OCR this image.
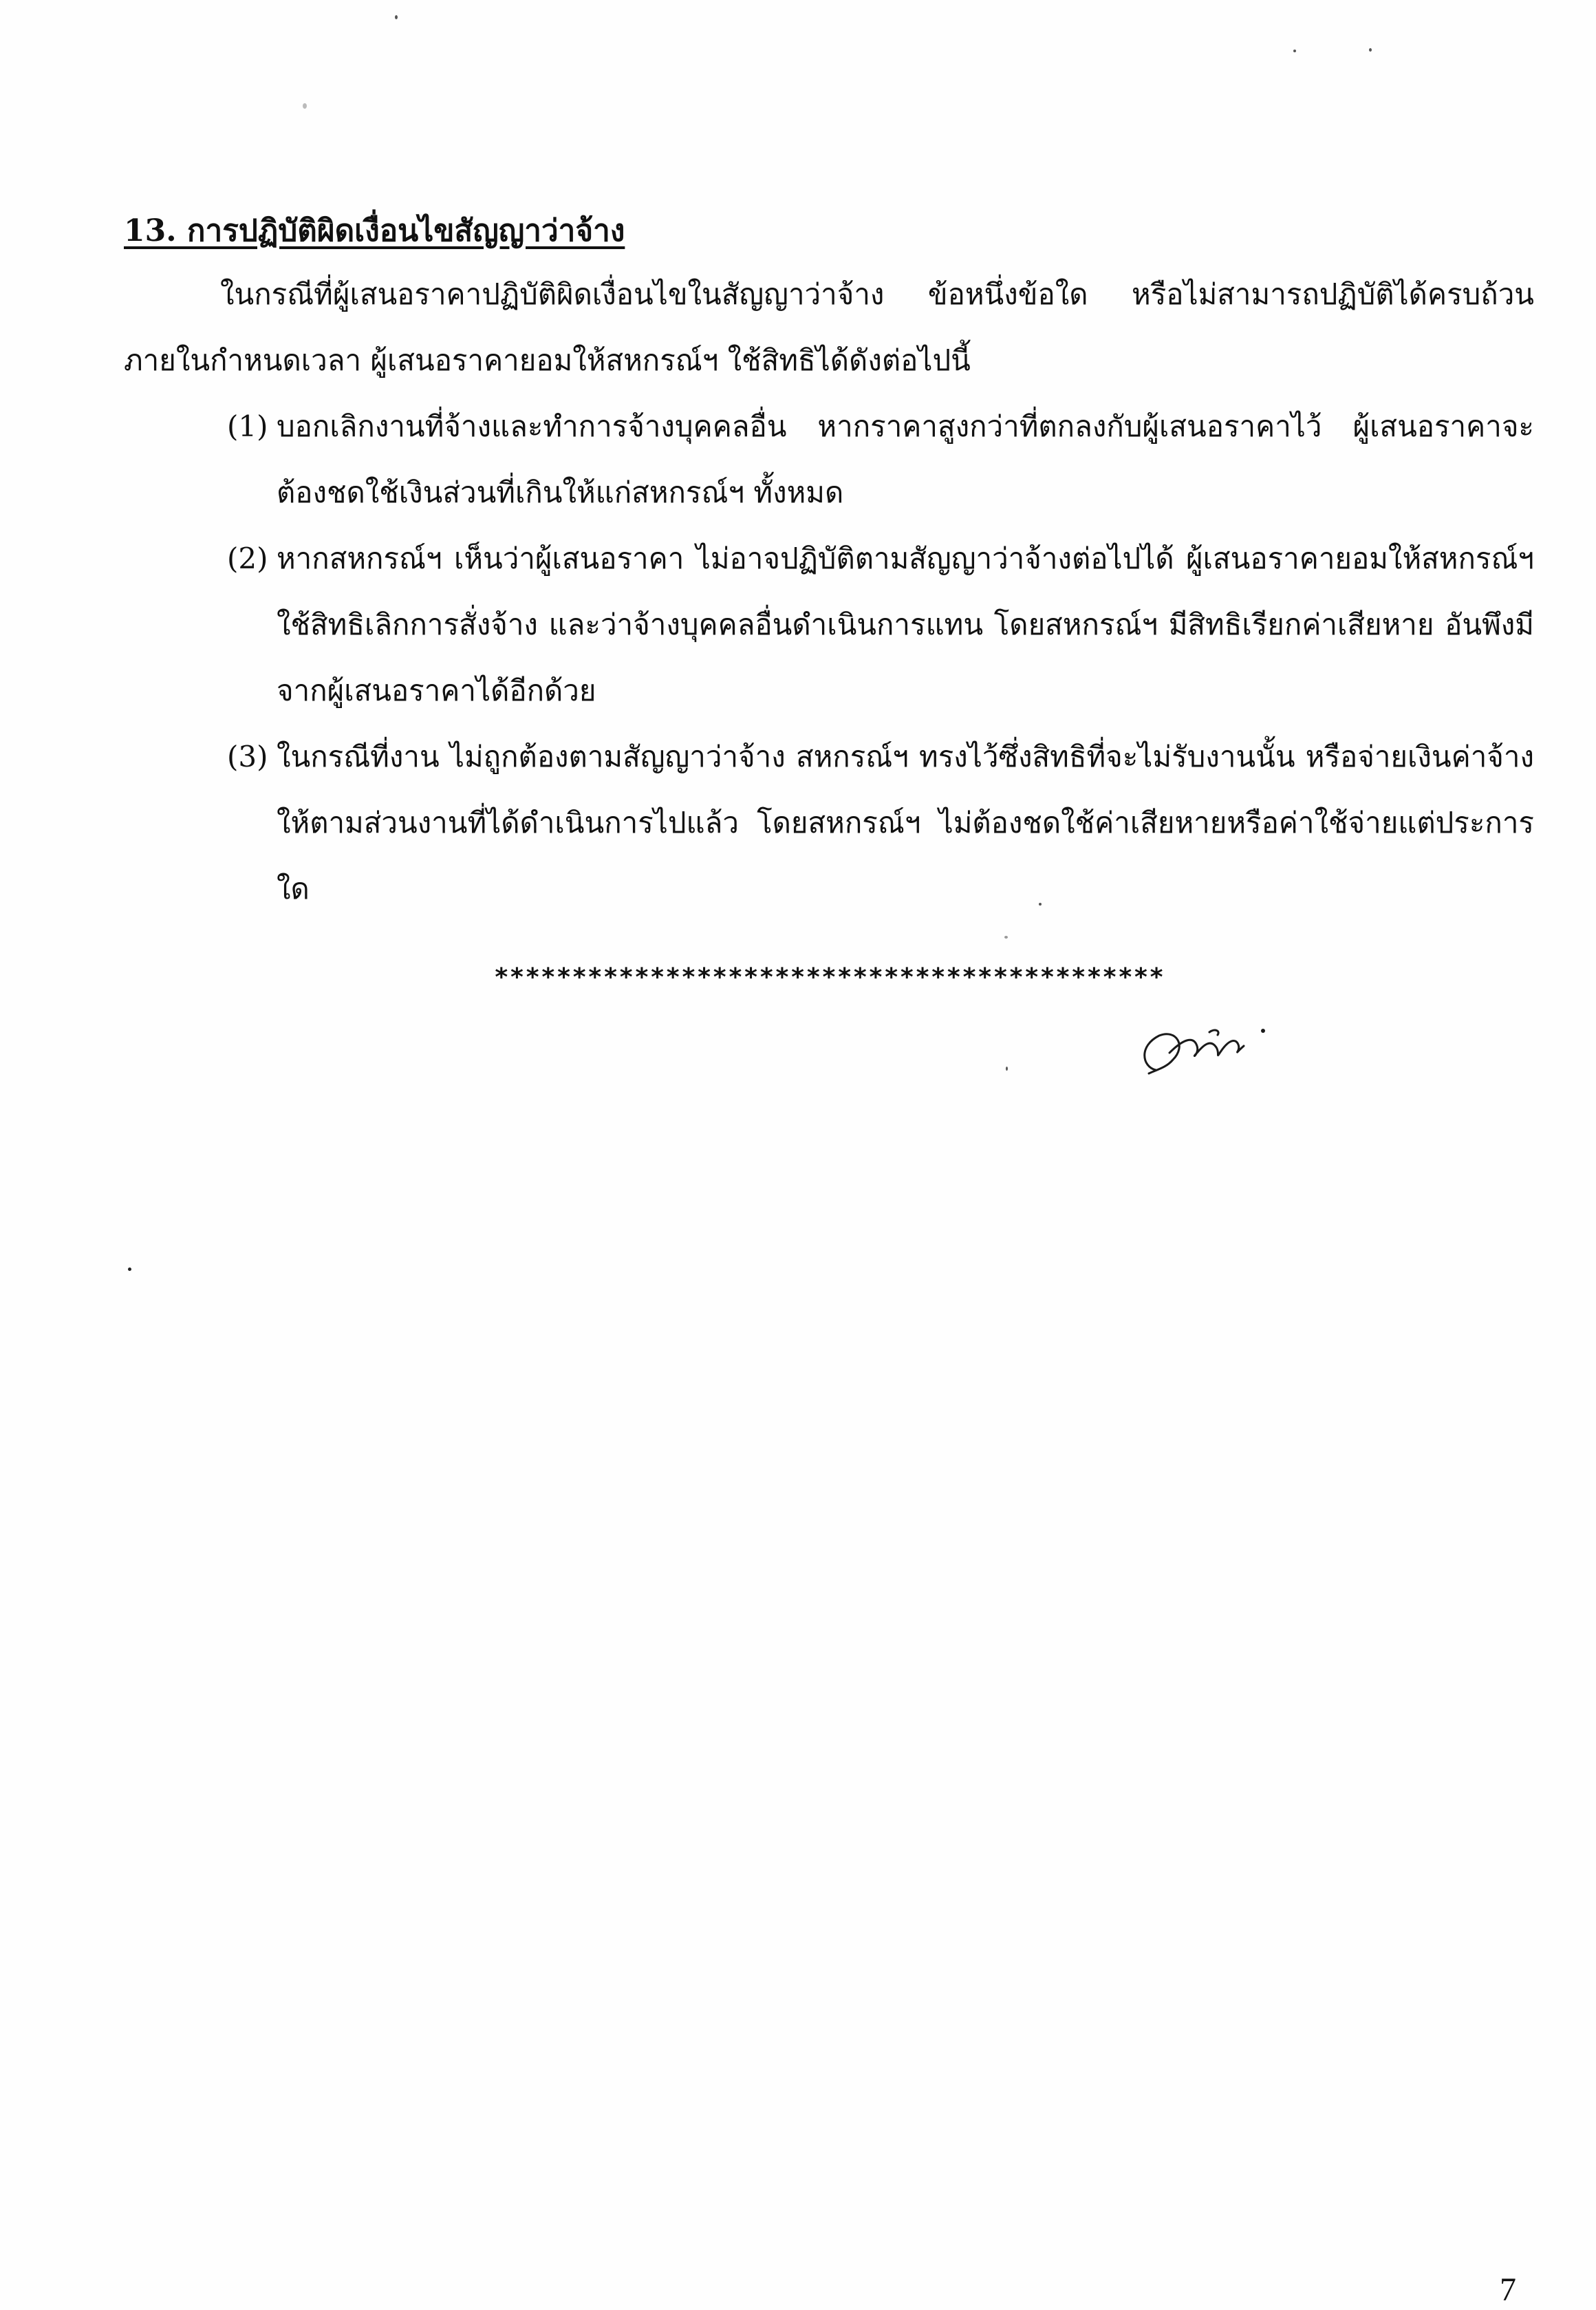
13. การปฏิบัติผิดเงื่อนไขสัญญาว่าจ้าง
ในกรณีที่ผู้เสนอราคาปฏิบัติผิดเงื่อนไขในสัญญาว่าจ้าง ข้อหนึ่งข้อใด หรือไม่สามารถปฏิบัติได้ครบถ้วนภายในกำหนดเวลา ผู้เสนอราคายอมให้สหกรณ์ฯ ใช้สิทธิได้ดังต่อไปนี้
(1) บอกเลิกงานที่จ้างและทำการจ้างบุคคลอื่น หากราคาสูงกว่าที่ตกลงกับผู้เสนอราคาไว้ ผู้เสนอราคาจะต้องชดใช้เงินส่วนที่เกินให้แก่สหกรณ์ฯ ทั้งหมด
(2) หากสหกรณ์ฯ เห็นว่าผู้เสนอราคา ไม่อาจปฏิบัติตามสัญญาว่าจ้างต่อไปได้ ผู้เสนอราคายอมให้สหกรณ์ฯ ใช้สิทธิเลิกการสั่งจ้าง และว่าจ้างบุคคลอื่นดำเนินการแทน โดยสหกรณ์ฯ มีสิทธิเรียกค่าเสียหาย อันพึงมีจากผู้เสนอราคาได้อีกด้วย
(3) ในกรณีที่งาน ไม่ถูกต้องตามสัญญาว่าจ้าง สหกรณ์ฯ ทรงไว้ซึ่งสิทธิที่จะไม่รับงานนั้น หรือจ่ายเงินค่าจ้างให้ตามส่วนงานที่ได้ดำเนินการไปแล้ว โดยสหกรณ์ฯ ไม่ต้องชดใช้ค่าเสียหายหรือค่าใช้จ่ายแต่ประการใด
*******************************************
7
